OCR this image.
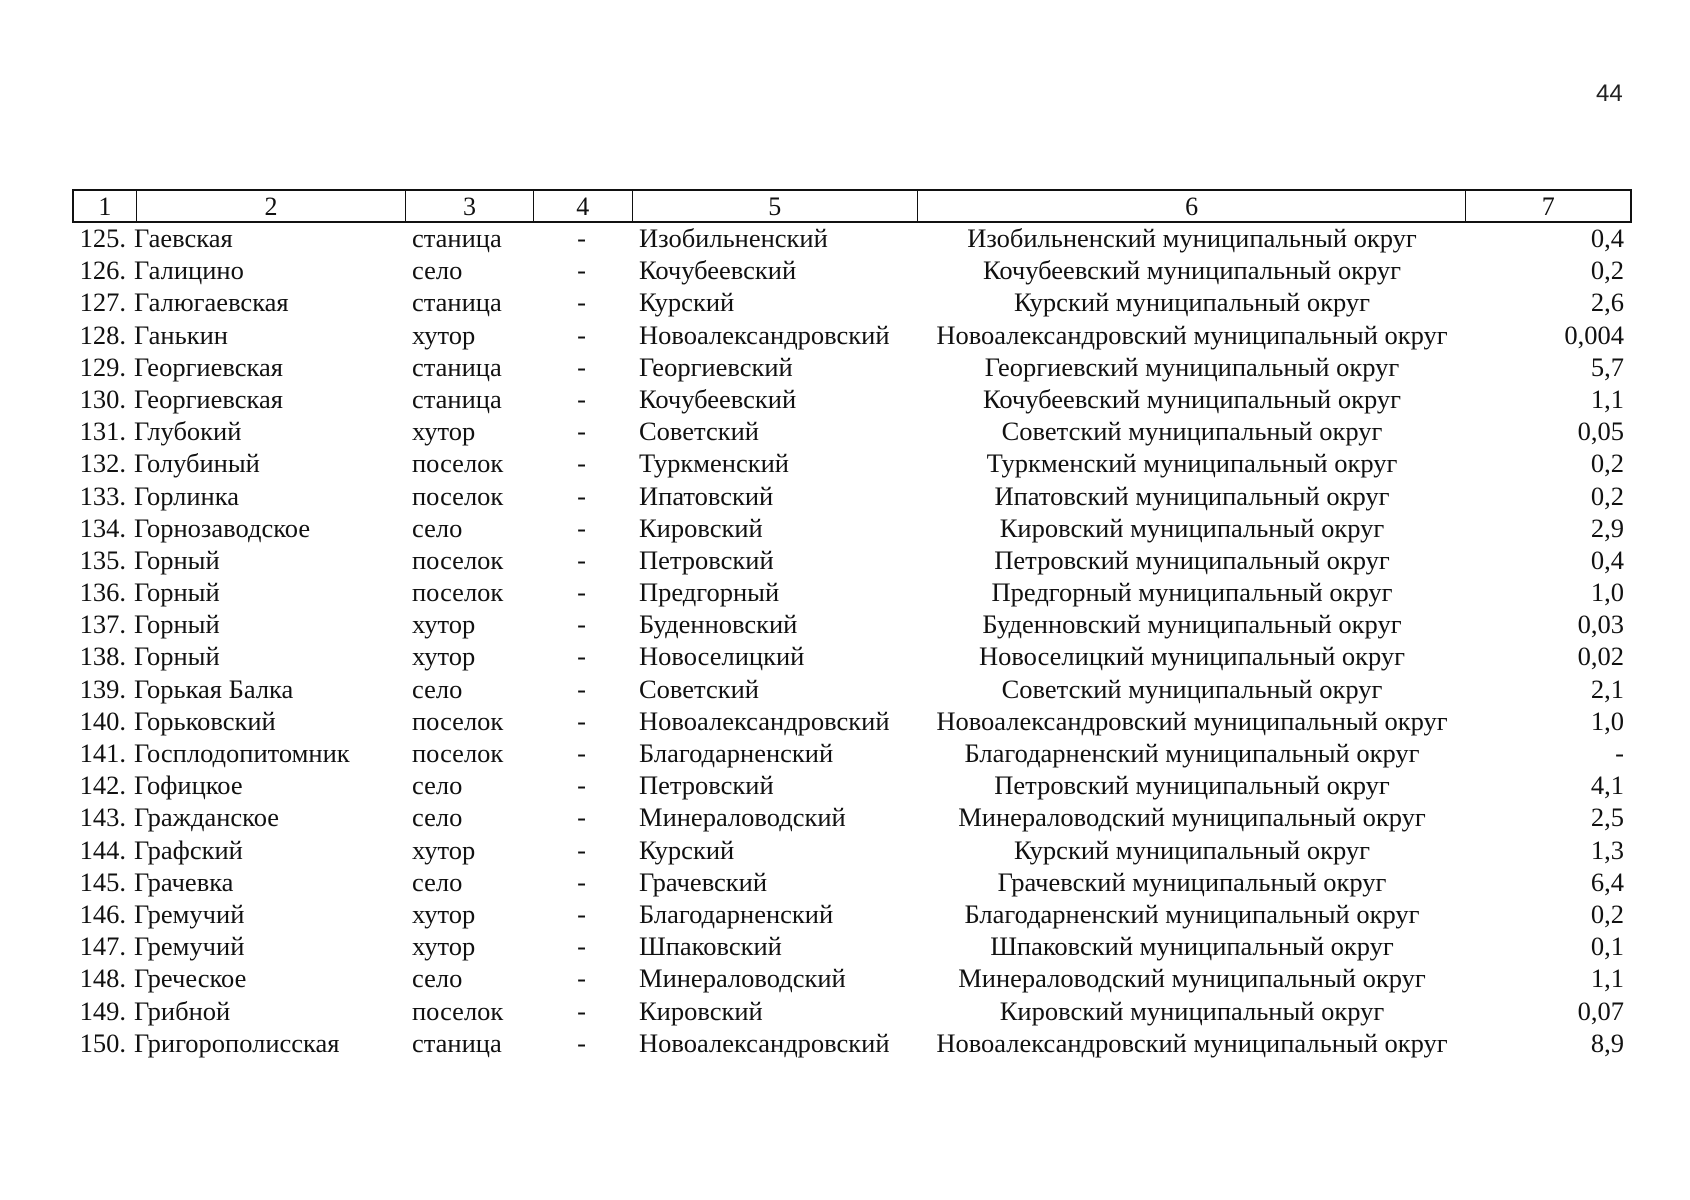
44
1	2	3	4	5	6	7
125. Гаевская	станица	-	Изобильненский	Изобильненский муниципальный округ	0,4
126. Галицино	село	-	Кочубеевский	Кочубеевский муниципальный округ	0,2
127. Галюгаевская	станица	-	Курский	Курский муниципальный округ	2,6
128. Ганькин	хутор	-	Новоалександровский	Новоалександровский муниципальный округ	0,004
129. Георгиевская	станица	-	Георгиевский	Георгиевский муниципальный округ	5,7
130. Георгиевская	станица	-	Кочубеевский	Кочубеевский муниципальный округ	1,1
131. Глубокий	хутор	-	Советский	Советский муниципальный округ	0,05
132. Голубиный	поселок	-	Туркменский	Туркменский муниципальный округ	0,2
133. Горлинка	поселок	-	Ипатовский	Ипатовский муниципальный округ	0,2
134. Горнозаводское	село	-	Кировский	Кировский муниципальный округ	2,9
135. Горный	поселок	-	Петровский	Петровский муниципальный округ	0,4
136. Горный	поселок	-	Предгорный	Предгорный муниципальный округ	1,0
137. Горный	хутор	-	Буденновский	Буденновский муниципальный округ	0,03
138. Горный	хутор	-	Новоселицкий	Новоселицкий муниципальный округ	0,02
139. Горькая Балка	село	-	Советский	Советский муниципальный округ	2,1
140. Горьковский	поселок	-	Новоалександровский	Новоалександровский муниципальный округ	1,0
141. Госплодопитомник	поселок	-	Благодарненский	Благодарненский муниципальный округ	-
142. Гофицкое	село	-	Петровский	Петровский муниципальный округ	4,1
143. Гражданское	село	-	Минераловодский	Минераловодский муниципальный округ	2,5
144. Графский	хутор	-	Курский	Курский муниципальный округ	1,3
145. Грачевка	село	-	Грачевский	Грачевский муниципальный округ	6,4
146. Гремучий	хутор	-	Благодарненский	Благодарненский муниципальный округ	0,2
147. Гремучий	хутор	-	Шпаковский	Шпаковский муниципальный округ	0,1
148. Греческое	село	-	Минераловодский	Минераловодский муниципальный округ	1,1
149. Грибной	поселок	-	Кировский	Кировский муниципальный округ	0,07
150. Григорополисская	станица	-	Новоалександровский	Новоалександровский муниципальный округ	8,9
